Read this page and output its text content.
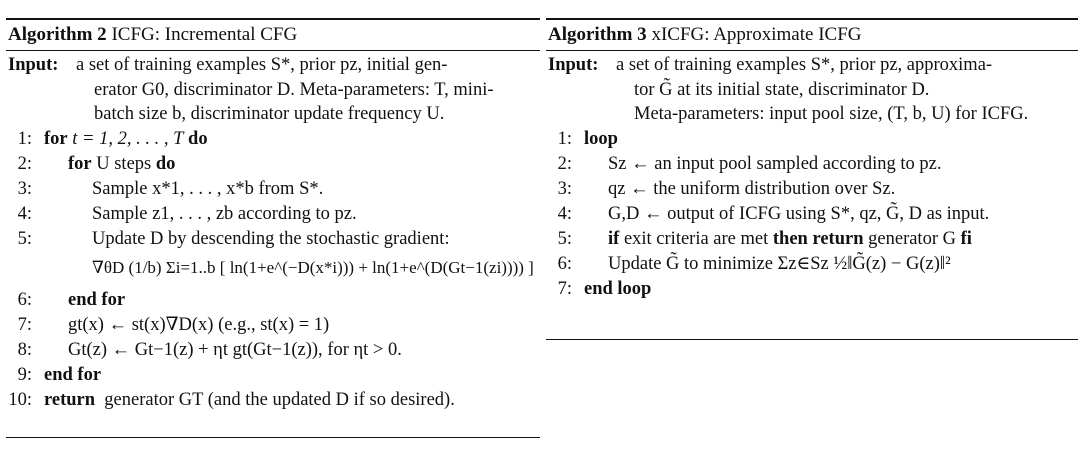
Algorithm 2 ICFG: Incremental CFG
Input: a set of training examples S*, prior pz, initial gen-
erator G0, discriminator D. Meta-parameters: T, mini-
batch size b, discriminator update frequency U.
1: for t = 1, 2, . . . , T do
2: for U steps do
3:	Sample x*1, . . . , x*b from S*.
4:	Sample z1, . . . , zb according to pz.
5:	Update D by descending the stochastic gradient:
∇θD (1/b) Σi=1..b [ ln(1+e^(−D(x*i))) + ln(1+e^(D(Gt−1(zi)))) ]
6: end for
7: gt(x) ← st(x)∇D(x) (e.g., st(x) = 1)
8: Gt(z) ← Gt−1(z) + ηt gt(Gt−1(z)), for ηt > 0.
9: end for
10: return generator GT (and the updated D if so desired).
Algorithm 3 xICFG: Approximate ICFG
Input: a set of training examples S*, prior pz, approxima-
tor G̃ at its initial state, discriminator D.
Meta-parameters: input pool size, (T, b, U) for ICFG.
1: loop
2: Sz ← an input pool sampled according to pz.
3: qz ← the uniform distribution over Sz.
4: G,D ← output of ICFG using S*, qz, G̃, D as input.
5: if exit criteria are met then return generator G fi
6: Update G̃ to minimize Σz∈Sz ½‖G̃(z) − G(z)‖²
7: end loop
